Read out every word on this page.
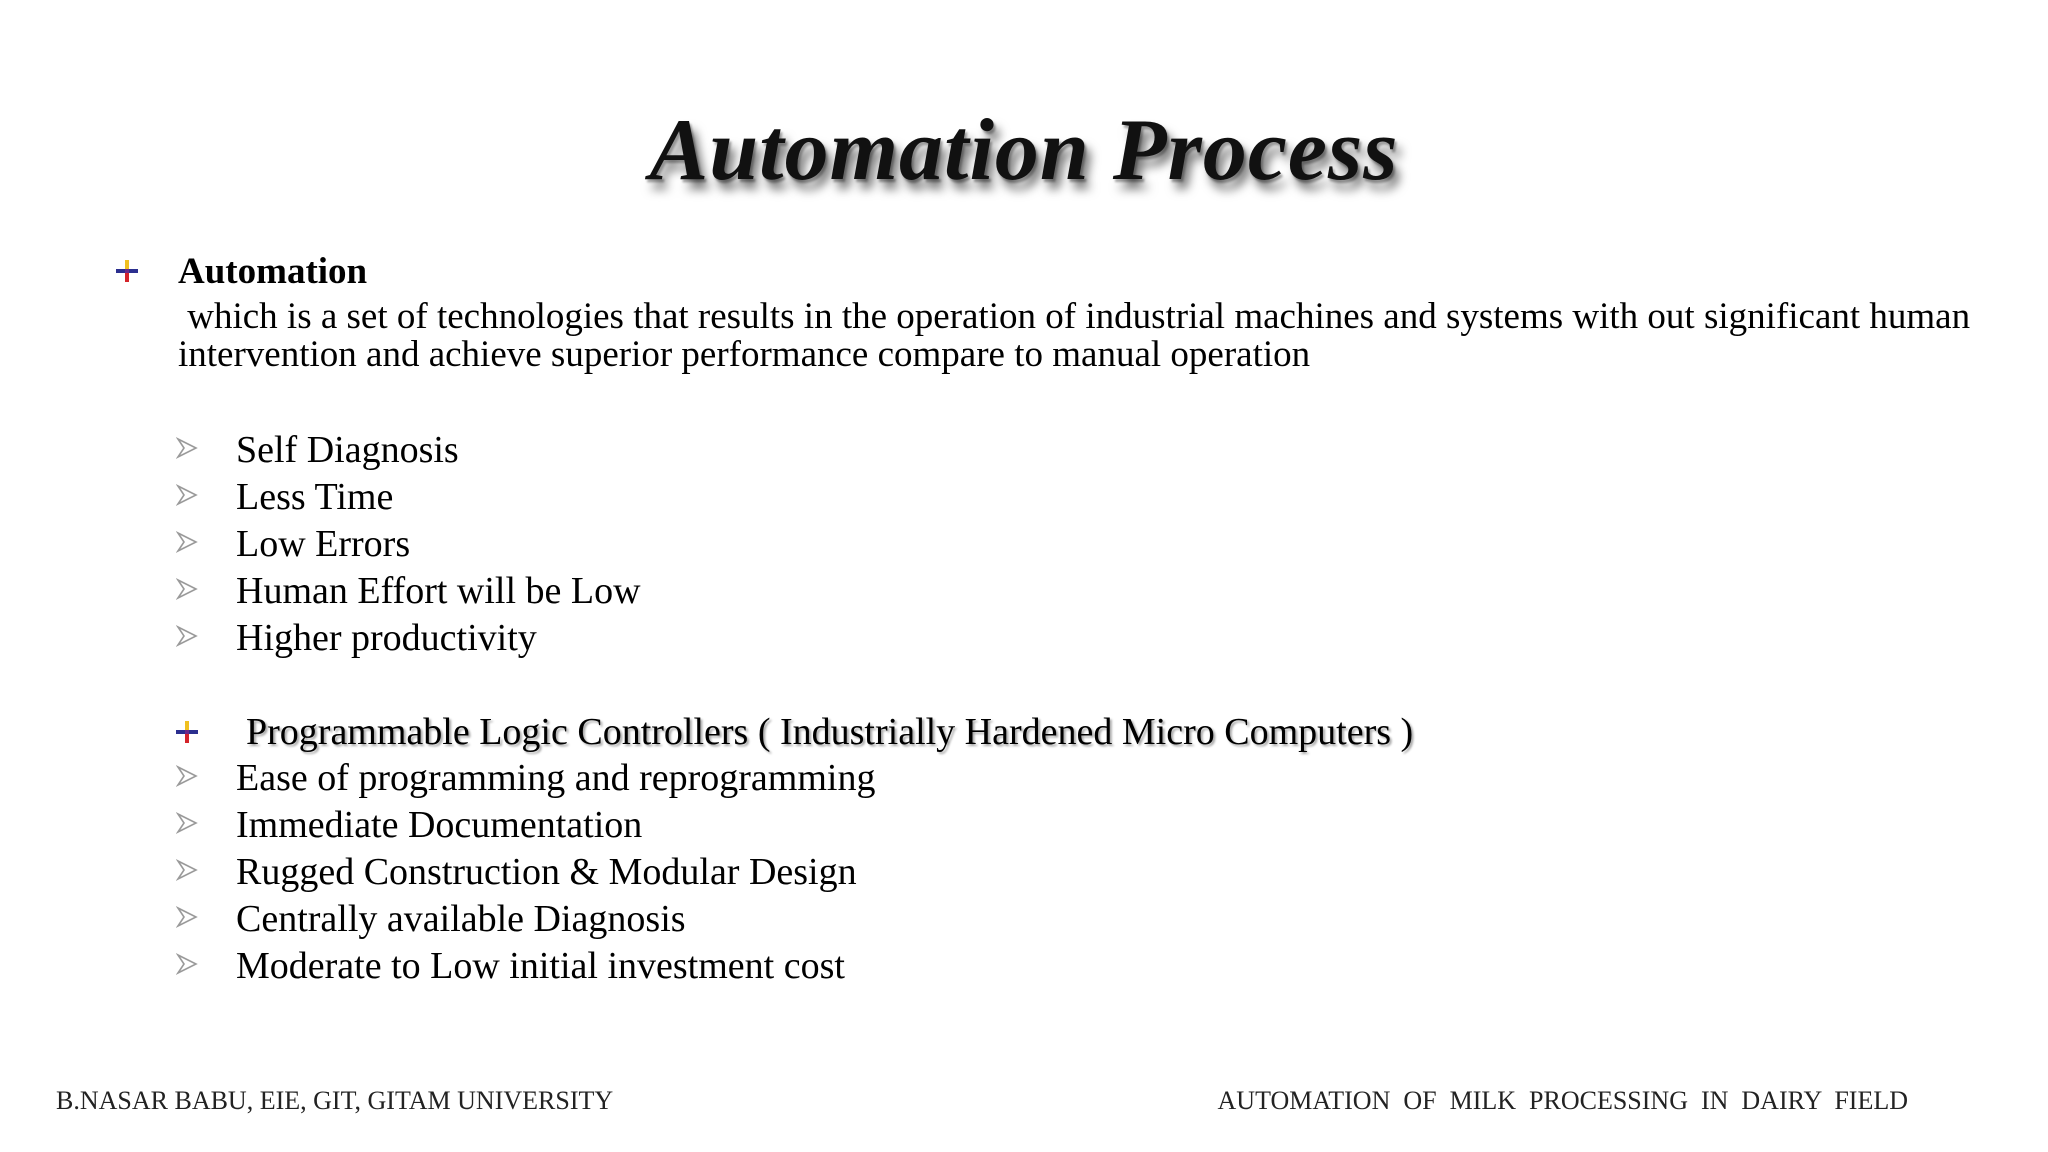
Automation Process
Automation
which is a set of technologies that results in the operation of industrial machines and systems with out significant human intervention and achieve superior performance compare to manual operation
Self Diagnosis
Less Time
Low Errors
Human Effort will be Low
Higher productivity
Programmable Logic Controllers ( Industrially Hardened Micro Computers )
Ease of programming and reprogramming
Immediate Documentation
Rugged Construction & Modular Design
Centrally available Diagnosis
Moderate to Low initial investment cost
B.NASAR BABU, EIE, GIT, GITAM UNIVERSITY	AUTOMATION  OF  MILK  PROCESSING  IN  DAIRY  FIELD
